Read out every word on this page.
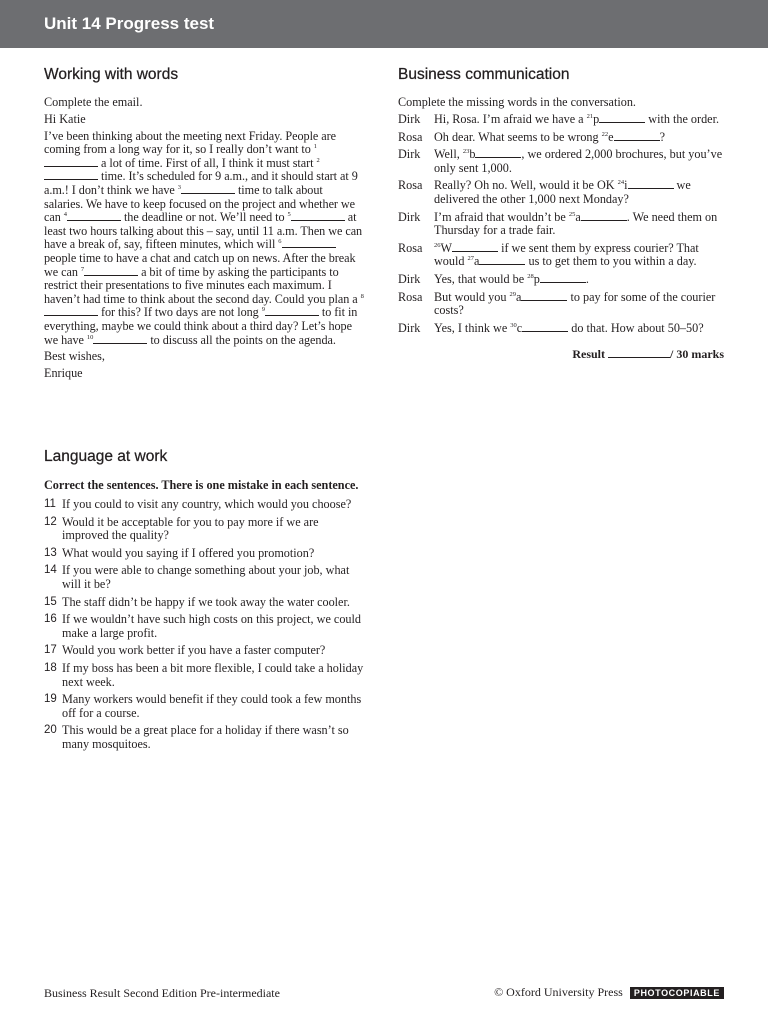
Unit 14 Progress test
Working with words
Complete the email.
Hi Katie
I’ve been thinking about the meeting next Friday. People are coming from a long way for it, so I really don’t want to $^1$ a lot of time. First of all, I think it must start $^2$ time. It’s scheduled for 9 a.m., and it should start at 9 a.m.! I don’t think we have $^3$	time to talk about salaries. We have to keep focused on the project and whether we can $^4$	the deadline or not. We’ll need to $^5$	at least two hours talking about this – say, until 11 a.m. Then we can have a break of, say, fifteen minutes, which will $^6$ people time to have a chat and catch up on news. After the break we can $^7$	a bit of time by asking the participants to restrict their presentations to five minutes each maximum. I haven’t had time to think about the second day. Could you plan a $^8$ for this? If two days are not long $^9$	to fit in everything, maybe we could think about a third day? Let’s hope we have $^{10}$	to discuss all the points on the agenda.
Best wishes,
Enrique
Language at work
Correct the sentences. There is one mistake in each sentence.
11 If you could to visit any country, which would you choose?
12 Would it be acceptable for you to pay more if we are improved the quality?
13 What would you saying if I offered you promotion?
14 If you were able to change something about your job, what will it be?
15 The staff didn’t be happy if we took away the water cooler.
16 If we wouldn’t have such high costs on this project, we could make a large profit.
17 Would you work better if you have a faster computer?
18 If my boss has been a bit more flexible, I could take a holiday next week.
19 Many workers would benefit if they could took a few months off for a course.
20 This would be a great place for a holiday if there wasn’t so many mosquitoes.
Business communication
Complete the missing words in the conversation.
Dirk	Hi, Rosa. I’m afraid we have a $^{21}$p	with the order.
Rosa Oh dear. What seems to be wrong $^{22}$e	?
Dirk	Well, $^{23}$b	, we ordered 2,000 brochures, but you’ve only sent 1,000.
Rosa Really? Oh no. Well, would it be OK $^{24}$i	we delivered the other 1,000 next Monday?
Dirk	I’m afraid that wouldn’t be $^{25}$a	. We need them on Thursday for a trade fair.
Rosa	$^{26}$W	if we sent them by express courier? That would $^{27}$a	us to get them to you within a day.
Dirk	Yes, that would be $^{28}$p	.
Rosa But would you $^{29}$a	to pay for some of the courier costs?
Dirk	Yes, I think we $^{30}$c	do that. How about 50–50?
Result	/ 30 marks
Business Result Second Edition Pre-intermediate	© Oxford University Press	PHOTOCOPIABLE
